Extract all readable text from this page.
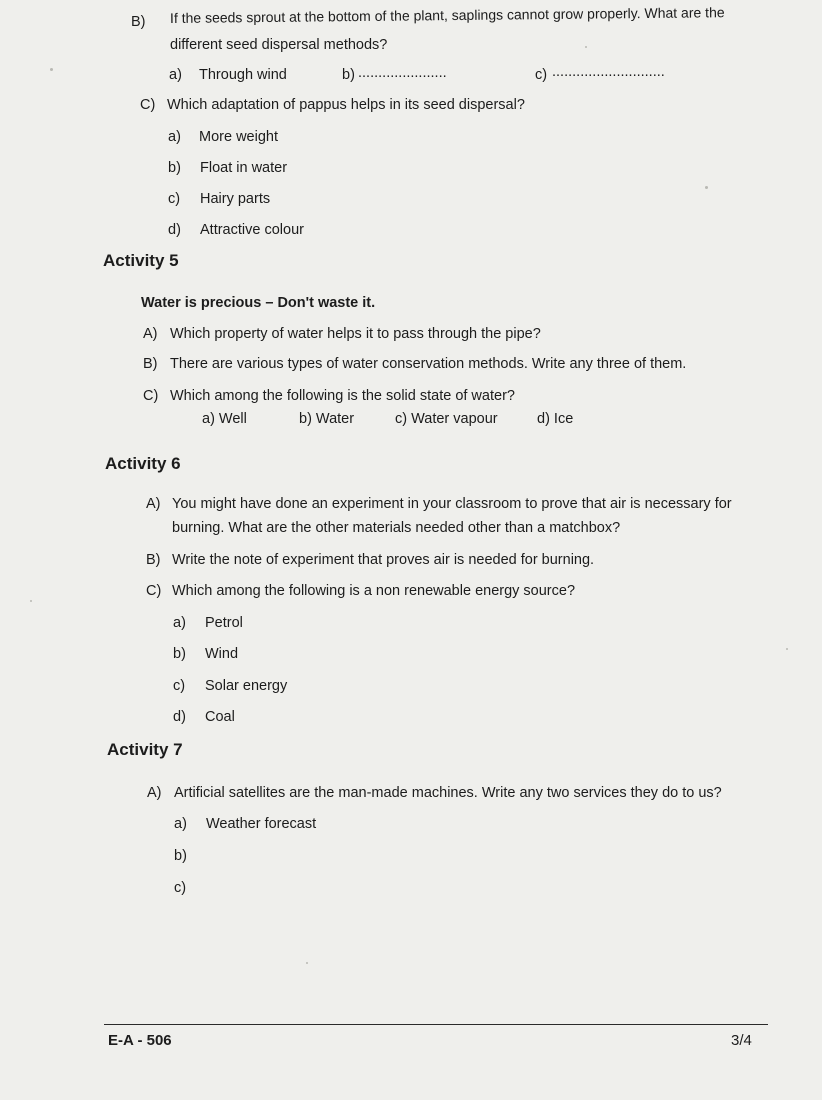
B) If the seeds sprout at the bottom of the plant, saplings cannot grow properly. What are the
different seed dispersal methods?
a) Through wind	b) ......................	c) ............................
C) Which adaptation of pappus helps in its seed dispersal?
a) More weight
b) Float in water
c) Hairy parts
d) Attractive colour
Activity 5
Water is precious – Don't waste it.
A) Which property of water helps it to pass through the pipe?
B) There are various types of water conservation methods. Write any three of them.
C) Which among the following is the solid state of water?
a) Well	b) Water	c) Water vapour	d) Ice
Activity 6
A) You might have done an experiment in your classroom to prove that air is necessary for
burning. What are the other materials needed other than a matchbox?
B) Write the note of experiment that proves air is needed for burning.
C) Which among the following is a non renewable energy source?
a) Petrol
b) Wind
c) Solar energy
d) Coal
Activity 7
A) Artificial satellites are the man-made machines. Write any two services they do to us?
a) Weather forecast
b)
c)
E-A - 506	3/4
